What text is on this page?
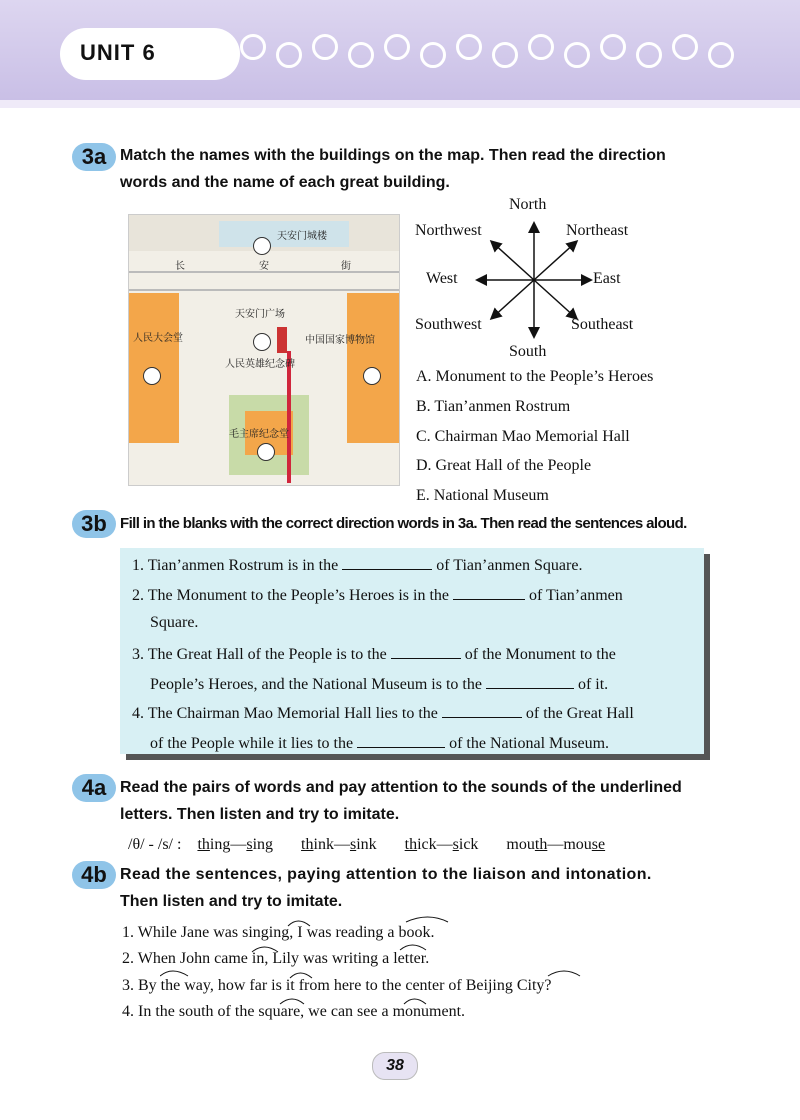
UNIT 6
3a Match the names with the buildings on the map. Then read the direction
words and the name of each great building.
天安门城楼
长	安	街
天安门广场
人民大会堂	中国国家博物馆
人民英雄纪念碑
毛主席纪念堂
North
Northwest	Northeast
West	East
Southwest	Southeast
South
A. Monument to the People’s Heroes
B. Tian’anmen Rostrum
C. Chairman Mao Memorial Hall
D. Great Hall of the People
E. National Museum
3b Fill in the blanks with the correct direction words in 3a. Then read the sentences aloud.
1. Tian’anmen Rostrum is in the	of Tian’anmen Square.
2. The Monument to the People’s Heroes is in the	of Tian’anmen
Square.
3. The Great Hall of the People is to the	of the Monument to the
People’s Heroes, and the National Museum is to the	of it.
4. The Chairman Mao Memorial Hall lies to the	of the Great Hall
of the People while it lies to the	of the National Museum.
4a Read the pairs of words and pay attention to the sounds of the underlined
letters. Then listen and try to imitate.
/θ/ - /s/ : thing—sing think—sink thick—sick mouth—mouse
4b Read the sentences, paying attention to the liaison and intonation.
Then listen and try to imitate.
1. While Jane was singing, I was reading a book.
2. When John came in, Lily was writing a letter.
3. By the way, how far is it from here to the center of Beijing City?
4. In the south of the square, we can see a monument.
38
